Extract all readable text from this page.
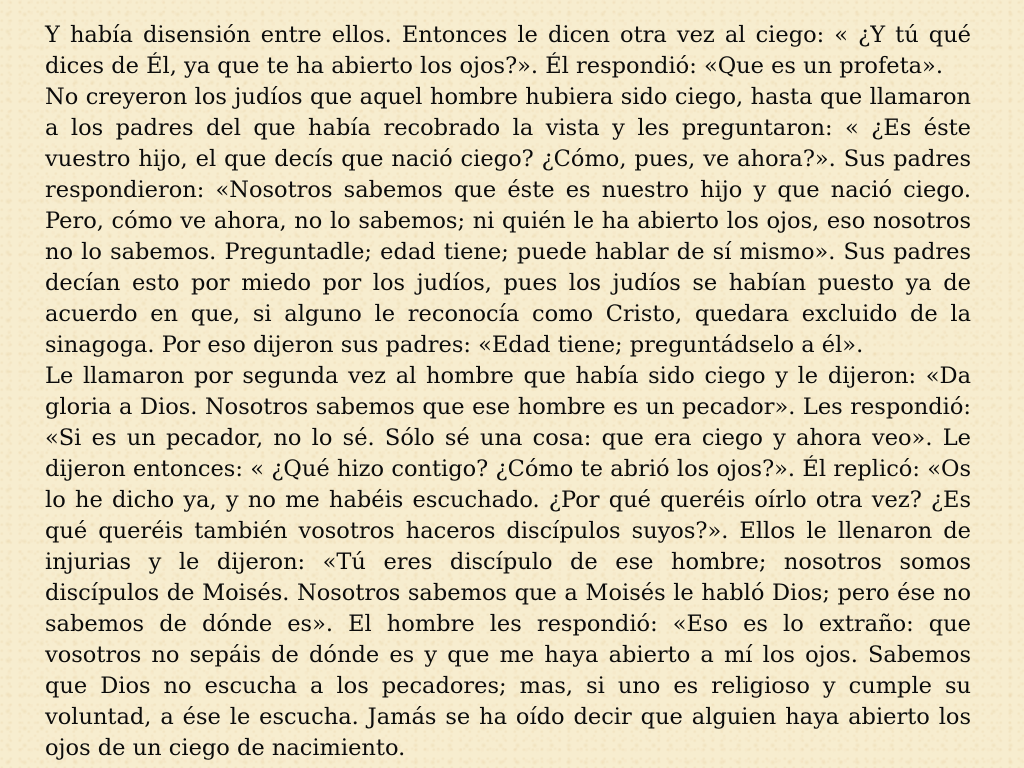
Y había disensión entre ellos. Entonces le dicen otra vez al ciego: « ¿Y tú qué dices de Él, ya que te ha abierto los ojos?». Él respondió: «Que es un profeta».

No creyeron los judíos que aquel hombre hubiera sido ciego, hasta que llamaron a los padres del que había recobrado la vista y les preguntaron: « ¿Es éste vuestro hijo, el que decís que nació ciego? ¿Cómo, pues, ve ahora?». Sus padres respondieron: «Nosotros sabemos que éste es nuestro hijo y que nació ciego. Pero, cómo ve ahora, no lo sabemos; ni quién le ha abierto los ojos, eso nosotros no lo sabemos. Preguntadle; edad tiene; puede hablar de sí mismo». Sus padres decían esto por miedo por los judíos, pues los judíos se habían puesto ya de acuerdo en que, si alguno le reconocía como Cristo, quedara excluido de la sinagoga. Por eso dijeron sus padres: «Edad tiene; preguntádselo a él».

Le llamaron por segunda vez al hombre que había sido ciego y le dijeron: «Da gloria a Dios. Nosotros sabemos que ese hombre es un pecador». Les respondió: «Si es un pecador, no lo sé. Sólo sé una cosa: que era ciego y ahora veo». Le dijeron entonces: « ¿Qué hizo contigo? ¿Cómo te abrió los ojos?». Él replicó: «Os lo he dicho ya, y no me habéis escuchado. ¿Por qué queréis oírlo otra vez? ¿Es qué queréis también vosotros haceros discípulos suyos?». Ellos le llenaron de injurias y le dijeron: «Tú eres discípulo de ese hombre; nosotros somos discípulos de Moisés. Nosotros sabemos que a Moisés le habló Dios; pero ése no sabemos de dónde es». El hombre les respondió: «Eso es lo extraño: que vosotros no sepáis de dónde es y que me haya abierto a mí los ojos. Sabemos que Dios no escucha a los pecadores; mas, si uno es religioso y cumple su voluntad, a ése le escucha. Jamás se ha oído decir que alguien haya abierto los ojos de un ciego de nacimiento.
